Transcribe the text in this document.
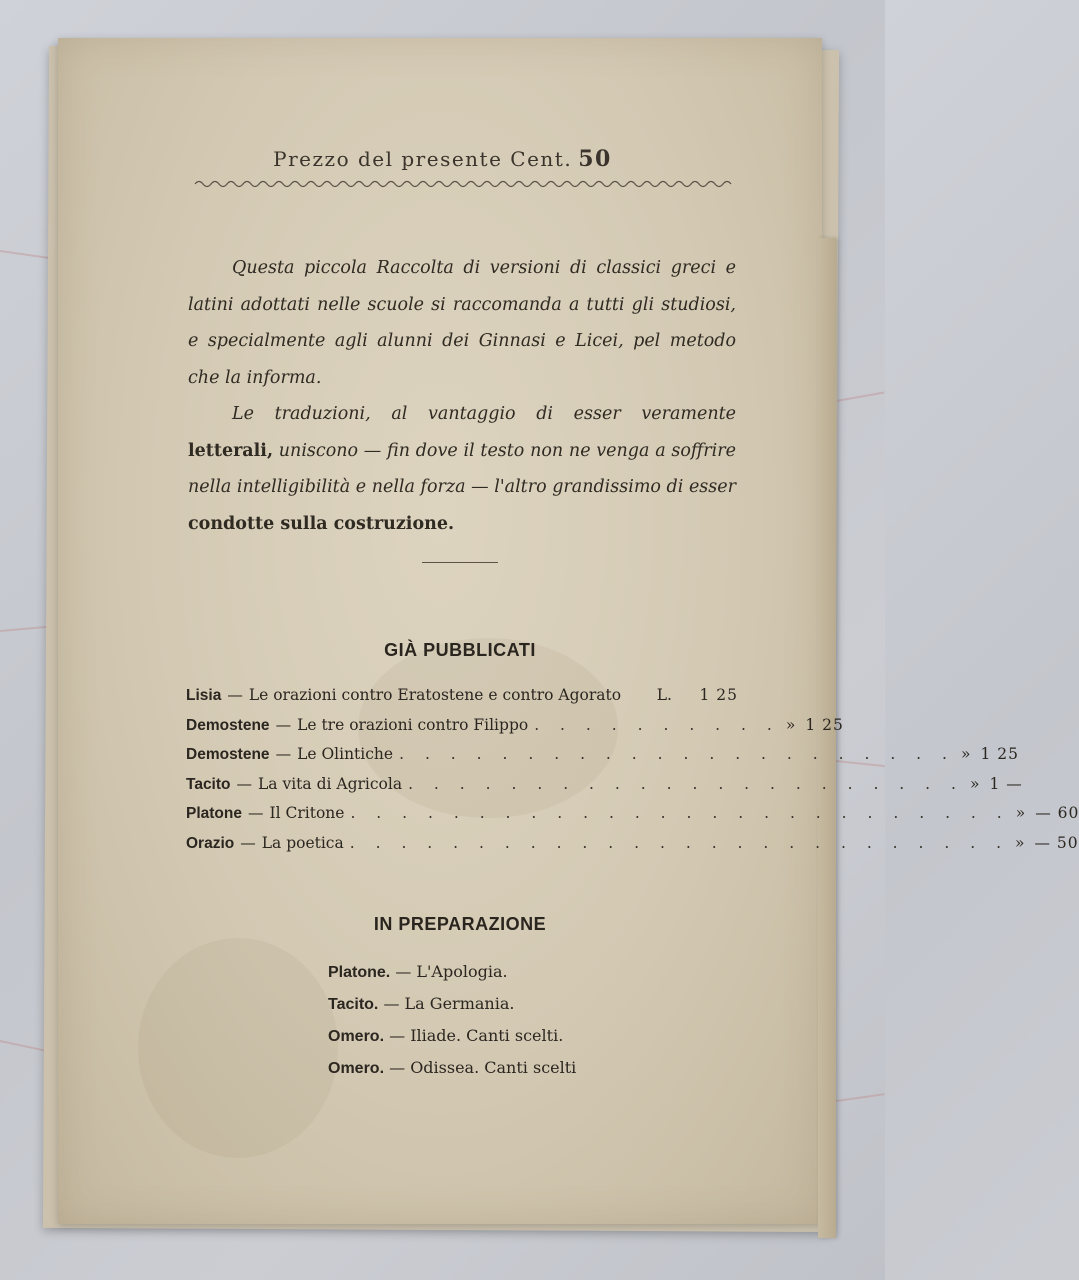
Prezzo del presente Cent. 50

Questa piccola Raccolta di versioni di classici greci e latini adottati nelle scuole si raccomanda a tutti gli studiosi, e specialmente agli alunni dei Ginnasi e Licei, pel metodo che la informa.

Le traduzioni, al vantaggio di esser veramente letterali, uniscono — fin dove il testo non ne venga a soffrire nella intelligibilità e nella forza — l'altro grandissimo di esser condotte sulla costruzione.

GIÀ PUBBLICATI
Lisia — Le orazioni contro Eratostene e contro Agorato L.	1 25
Demostene — Le tre orazioni contro Filippo . . . . . . . . . . » 1 25
Demostene — Le Olintiche . . . . . . . . . . . . . . . . . . . . . . » 1 25
Tacito — La vita di Agricola . . . . . . . . . . . . . . . . . . . . . . » 1 —
Platone — Il Critone . . . . . . . . . . . . . . . . . . . . . . . . . . » — 60
Orazio — La poetica . . . . . . . . . . . . . . . . . . . . . . . . . . » — 50
IN PREPARAZIONE
Platone. — L'Apologia.
Tacito. — La Germania.
Omero. — Iliade. Canti scelti.
Omero. — Odissea. Canti scelti
